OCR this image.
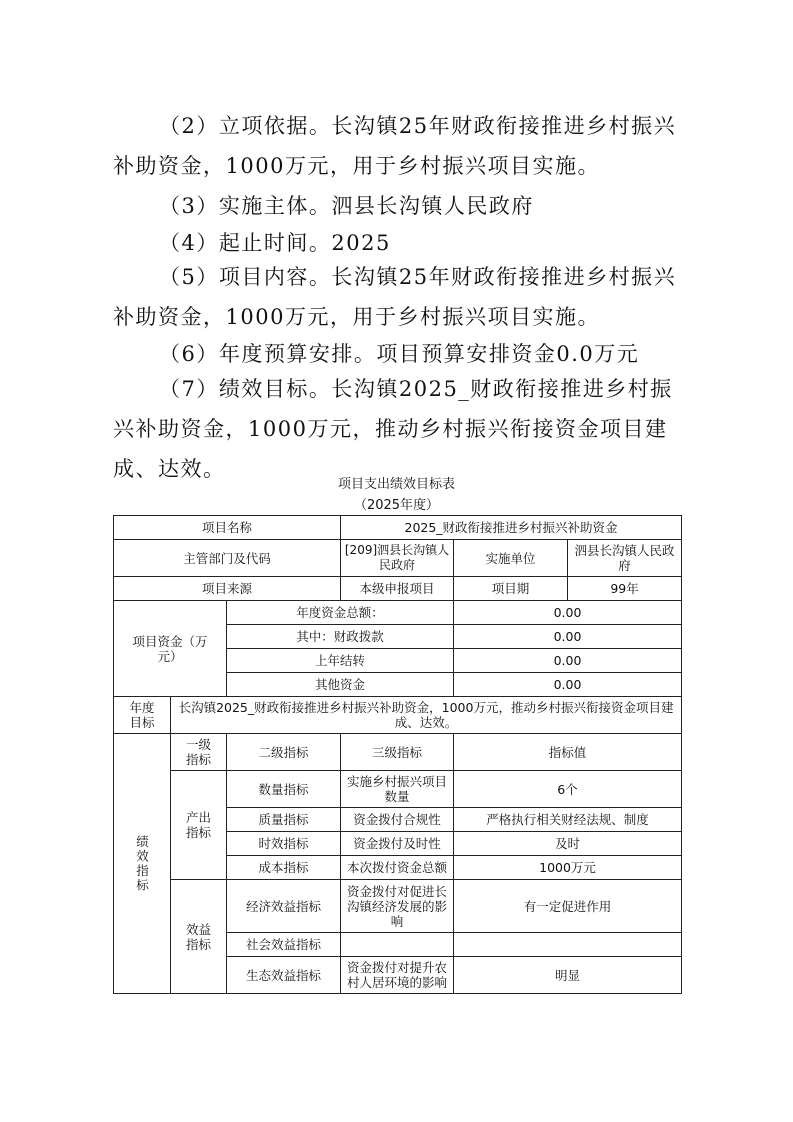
（2）立项依据。长沟镇25年财政衔接推进乡村振兴补助资金，1000万元，用于乡村振兴项目实施。
（3）实施主体。泗县长沟镇人民政府
（4）起止时间。2025
（5）项目内容。长沟镇25年财政衔接推进乡村振兴补助资金，1000万元，用于乡村振兴项目实施。
（6）年度预算安排。项目预算安排资金0.0万元
（7）绩效目标。长沟镇2025_财政衔接推进乡村振兴补助资金，1000万元，推动乡村振兴衔接资金项目建成、达效。
项目支出绩效目标表
（2025年度）
项目名称			2025_财政衔接推进乡村振兴补助资金		
主管部门及代码			[209]泗县长沟镇人民政府	实施单位	泗县长沟镇人民政府
项目来源			本级申报项目	项目期	99年
项目资金（万元）		年度资金总额：		0.00	
		其中：财政拨款		0.00	
		上年结转		0.00	
		其他资金		0.00	
年度目标	长沟镇2025_财政衔接推进乡村振兴补助资金，1000万元，推动乡村振兴衔接资金项目建成、达效。				
绩效指标	一级指标	二级指标	三级指标	指标值	
	产出指标	数量指标	实施乡村振兴项目数量	6个	
		质量指标	资金拨付合规性	严格执行相关财经法规、制度	
		时效指标	资金拨付及时性	及时	
		成本指标	本次拨付资金总额	1000万元	
	效益指标	经济效益指标	资金拨付对促进长沟镇经济发展的影响	有一定促进作用	
		社会效益指标			
		生态效益指标	资金拨付对提升农村人居环境的影响	明显	
